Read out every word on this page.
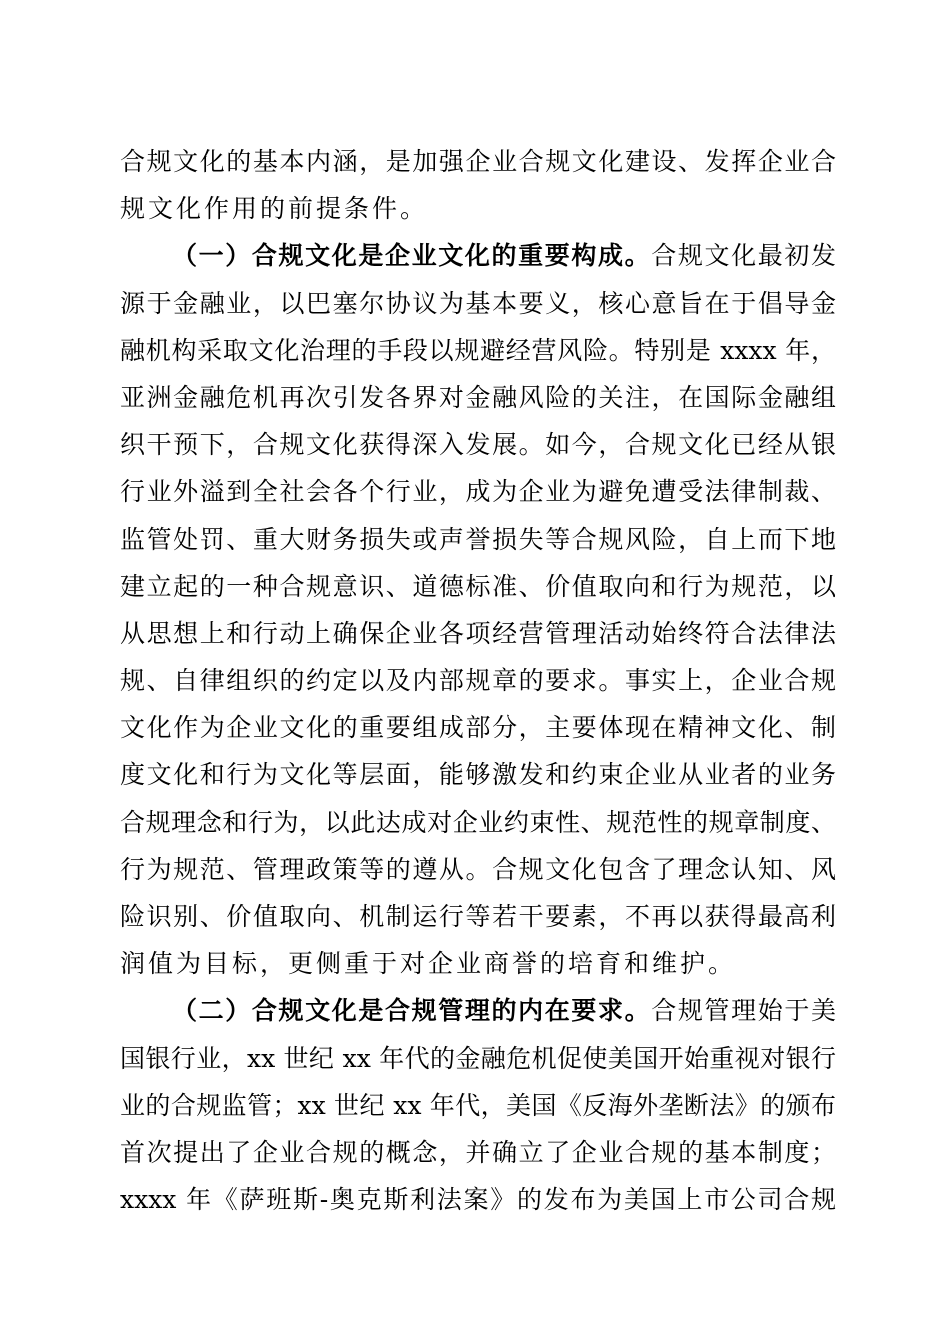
合规文化的基本内涵，是加强企业合规文化建设、发挥企业合
规文化作用的前提条件。
（一）合规文化是企业文化的重要构成。合规文化最初发
源于金融业，以巴塞尔协议为基本要义，核心意旨在于倡导金
融机构采取文化治理的手段以规避经营风险。特别是 xxxx 年，
亚洲金融危机再次引发各界对金融风险的关注，在国际金融组
织干预下，合规文化获得深入发展。如今，合规文化已经从银
行业外溢到全社会各个行业，成为企业为避免遭受法律制裁、
监管处罚、重大财务损失或声誉损失等合规风险，自上而下地
建立起的一种合规意识、道德标准、价值取向和行为规范，以
从思想上和行动上确保企业各项经营管理活动始终符合法律法
规、自律组织的约定以及内部规章的要求。事实上，企业合规
文化作为企业文化的重要组成部分，主要体现在精神文化、制
度文化和行为文化等层面，能够激发和约束企业从业者的业务
合规理念和行为，以此达成对企业约束性、规范性的规章制度、
行为规范、管理政策等的遵从。合规文化包含了理念认知、风
险识别、价值取向、机制运行等若干要素，不再以获得最高利
润值为目标，更侧重于对企业商誉的培育和维护。
（二）合规文化是合规管理的内在要求。合规管理始于美
国银行业，xx 世纪 xx 年代的金融危机促使美国开始重视对银行
业的合规监管；xx 世纪 xx 年代，美国《反海外垄断法》的颁布
首次提出了企业合规的概念，并确立了企业合规的基本制度；
xxxx 年《萨班斯-奥克斯利法案》的发布为美国上市公司合规
